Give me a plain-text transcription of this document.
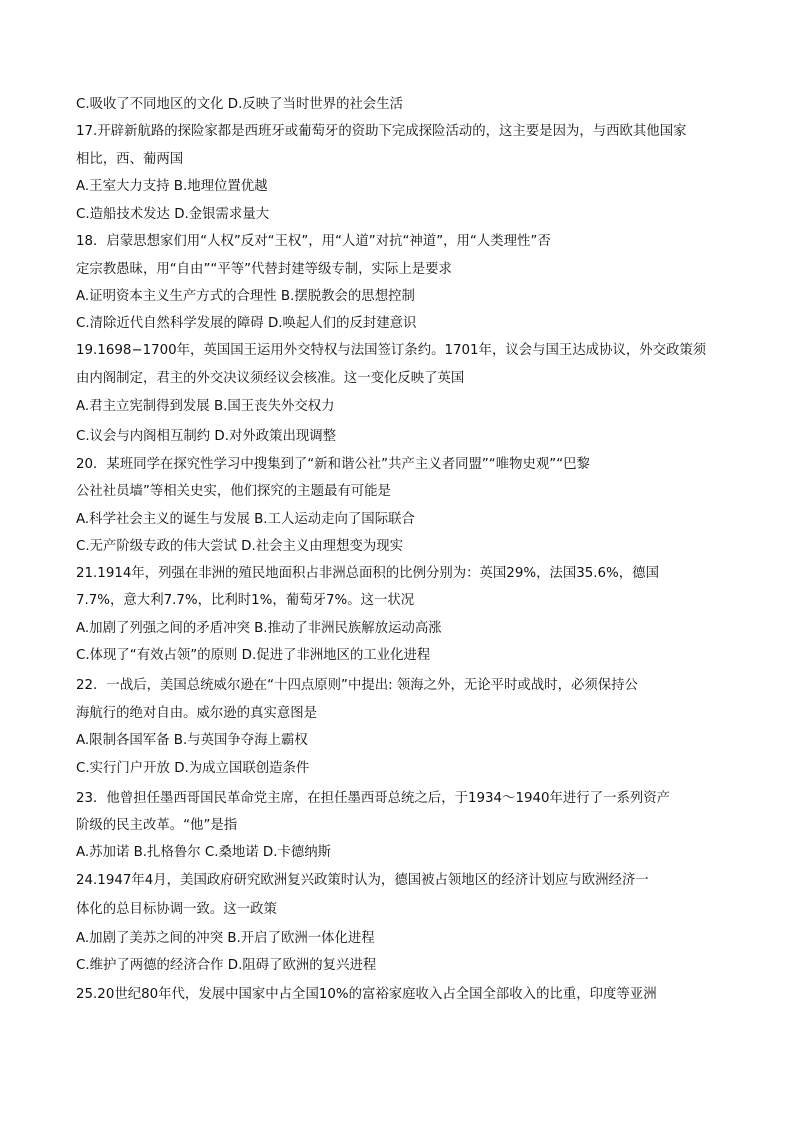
C.吸收了不同地区的文化 D.反映了当时世界的社会生活
17.开辟新航路的探险家都是西班牙或葡萄牙的资助下完成探险活动的，这主要是因为，与西欧其他国家
相比，西、葡两国
A.王室大力支持 B.地理位置优越
C.造船技术发达 D.金银需求量大
18．启蒙思想家们用“人权”反对“王权”，用“人道”对抗“神道”，用“人类理性”否
定宗教愚昧，用“自由”“平等”代替封建等级专制，实际上是要求
A.证明资本主义生产方式的合理性 B.摆脱教会的思想控制
C.清除近代自然科学发展的障碍 D.唤起人们的反封建意识
19.1698−1700年，英国国王运用外交特权与法国签订条约。1701年，议会与国王达成协议，外交政策须
由内阁制定，君主的外交决议须经议会核准。这一变化反映了英国
A.君主立宪制得到发展 B.国王丧失外交权力
C.议会与内阁相互制约 D.对外政策出现调整
20．某班同学在探究性学习中搜集到了“新和谐公社”共产主义者同盟”“唯物史观”“巴黎
公社社员墙”等相关史实，他们探究的主题最有可能是
A.科学社会主义的诞生与发展 B.工人运动走向了国际联合
C.无产阶级专政的伟大尝试 D.社会主义由理想变为现实
21.1914年，列强在非洲的殖民地面积占非洲总面积的比例分别为：英国29%，法国35.6%，德国
7.7%，意大利7.7%，比利时1%，葡萄牙7%。这一状况
A.加剧了列强之间的矛盾冲突 B.推动了非洲民族解放运动高涨
C.体现了“有效占领”的原则 D.促进了非洲地区的工业化进程
22．一战后，美国总统威尔逊在“十四点原则”中提出: 领海之外，无论平时或战时，必须保持公
海航行的绝对自由。威尔逊的真实意图是
A.限制各国军备 B.与英国争夺海上霸权
C.实行门户开放 D.为成立国联创造条件
23．他曾担任墨西哥国民革命党主席，在担任墨西哥总统之后，于1934～1940年进行了一系列资产
阶级的民主改革。“他”是指
A.苏加诺 B.扎格鲁尔 C.桑地诺 D.卡德纳斯
24.1947年4月，美国政府研究欧洲复兴政策时认为，德国被占领地区的经济计划应与欧洲经济一
体化的总目标协调一致。这一政策
A.加剧了美苏之间的冲突 B.开启了欧洲一体化进程
C.维护了两德的经济合作 D.阻碍了欧洲的复兴进程
25.20世纪80年代，发展中国家中占全国10%的富裕家庭收入占全国全部收入的比重，印度等亚洲
